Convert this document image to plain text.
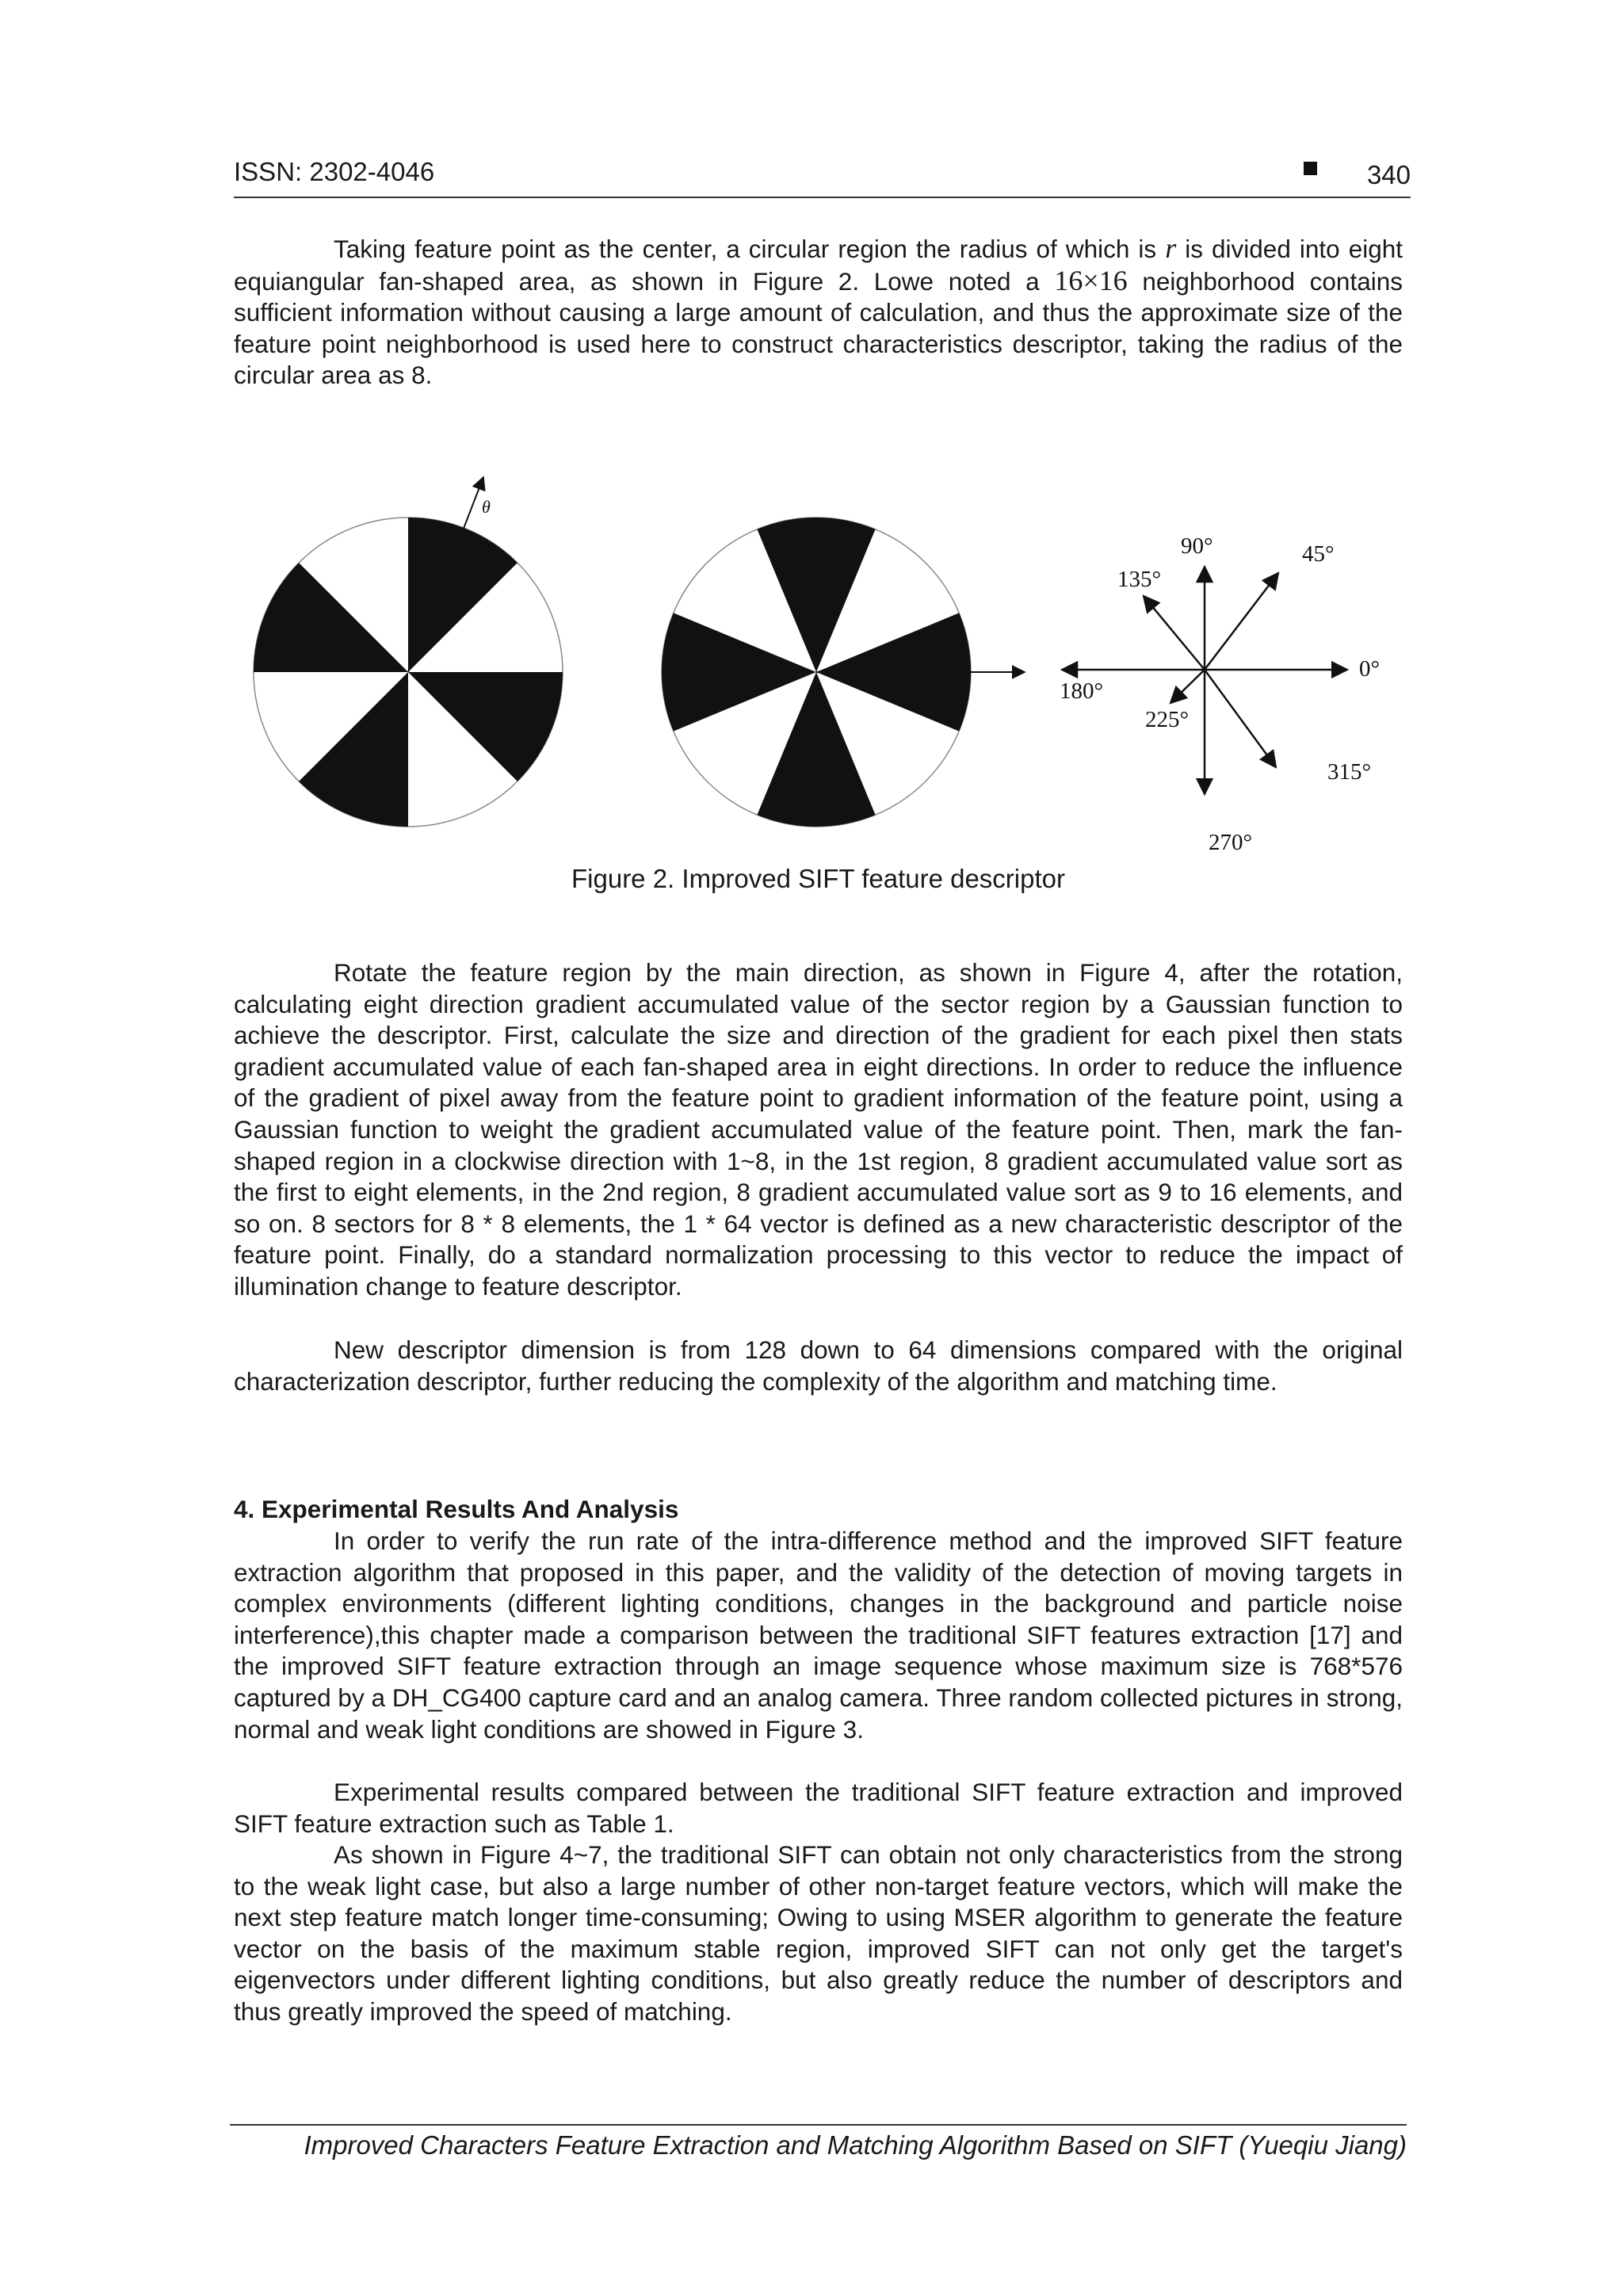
ISSN: 2302-4046	340

Taking feature point as the center, a circular region the radius of which is r is divided into eight equiangular fan-shaped area, as shown in Figure 2. Lowe noted a 16×16 neighborhood contains sufficient information without causing a large amount of calculation, and thus the approximate size of the feature point neighborhood is used here to construct characteristics descriptor, taking the radius of the circular area as 8.

θ
90°	45°
135°
0°
180°
225°
315°
270°
Figure 2. Improved SIFT feature descriptor

Rotate the feature region by the main direction, as shown in Figure 4, after the rotation, calculating eight direction gradient accumulated value of the sector region by a Gaussian function to achieve the descriptor. First, calculate the size and direction of the gradient for each pixel then stats gradient accumulated value of each fan-shaped area in eight directions. In order to reduce the influence of the gradient of pixel away from the feature point to gradient information of the feature point, using a Gaussian function to weight the gradient accumulated value of the feature point. Then, mark the fan-shaped region in a clockwise direction with 1~8, in the 1st region, 8 gradient accumulated value sort as the first to eight elements, in the 2nd region, 8 gradient accumulated value sort as 9 to 16 elements, and so on. 8 sectors for 8 * 8 elements, the 1 * 64 vector is defined as a new characteristic descriptor of the feature point. Finally, do a standard normalization processing to this vector to reduce the impact of illumination change to feature descriptor.

New descriptor dimension is from 128 down to 64 dimensions compared with the original characterization descriptor, further reducing the complexity of the algorithm and matching time.

4. Experimental Results And Analysis

In order to verify the run rate of the intra-difference method and the improved SIFT feature extraction algorithm that proposed in this paper, and the validity of the detection of moving targets in complex environments (different lighting conditions, changes in the background and particle noise interference),this chapter made a comparison between the traditional SIFT features extraction [17] and the improved SIFT feature extraction through an image sequence whose maximum size is 768*576 captured by a DH_CG400 capture card and an analog camera. Three random collected pictures in strong, normal and weak light conditions are showed in Figure 3.

Experimental results compared between the traditional SIFT feature extraction and improved SIFT feature extraction such as Table 1.

As shown in Figure 4~7, the traditional SIFT can obtain not only characteristics from the strong to the weak light case, but also a large number of other non-target feature vectors, which will make the next step feature match longer time-consuming; Owing to using MSER algorithm to generate the feature vector on the basis of the maximum stable region, improved SIFT can not only get the target's eigenvectors under different lighting conditions, but also greatly reduce the number of descriptors and thus greatly improved the speed of matching.

Improved Characters Feature Extraction and Matching Algorithm Based on SIFT (Yueqiu Jiang)
